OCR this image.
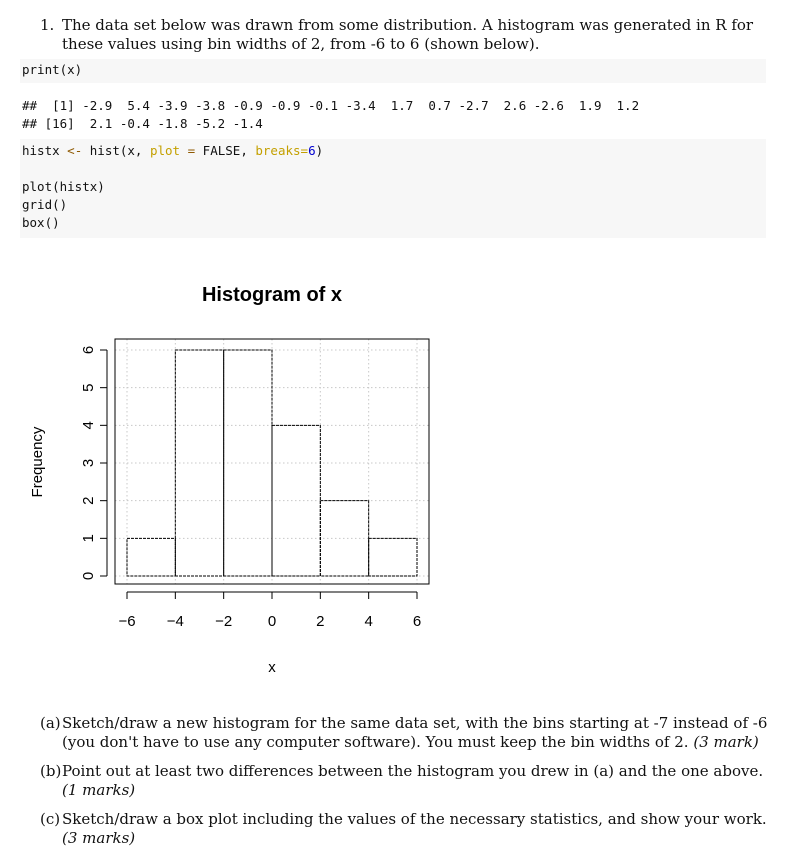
1. The data set below was drawn from some distribution. A histogram was generated in R for these values using bin widths of 2, from -6 to 6 (shown below).
print(x)
##  [1] -2.9  5.4 -3.9 -3.8 -0.9 -0.9 -0.1 -3.4  1.7  0.7 -2.7  2.6 -2.6  1.9  1.2
## [16]  2.1 -0.4 -1.8 -5.2 -1.4
histx <- hist(x, plot = FALSE, breaks=6)
plot(histx)
grid()
box()
Histogram of x
−6 −4 −2 0	2	4	6
0
1
2
3
4
5
6
x
Frequency
(a) Sketch/draw a new histogram for the same data set, with the bins starting at -7 instead of -6 (you don't have to use any computer software). You must keep the bin widths of 2. (3 mark)
(b) Point out at least two differences between the histogram you drew in (a) and the one above. (1 marks)
(c) Sketch/draw a box plot including the values of the necessary statistics, and show your work. (3 marks)
